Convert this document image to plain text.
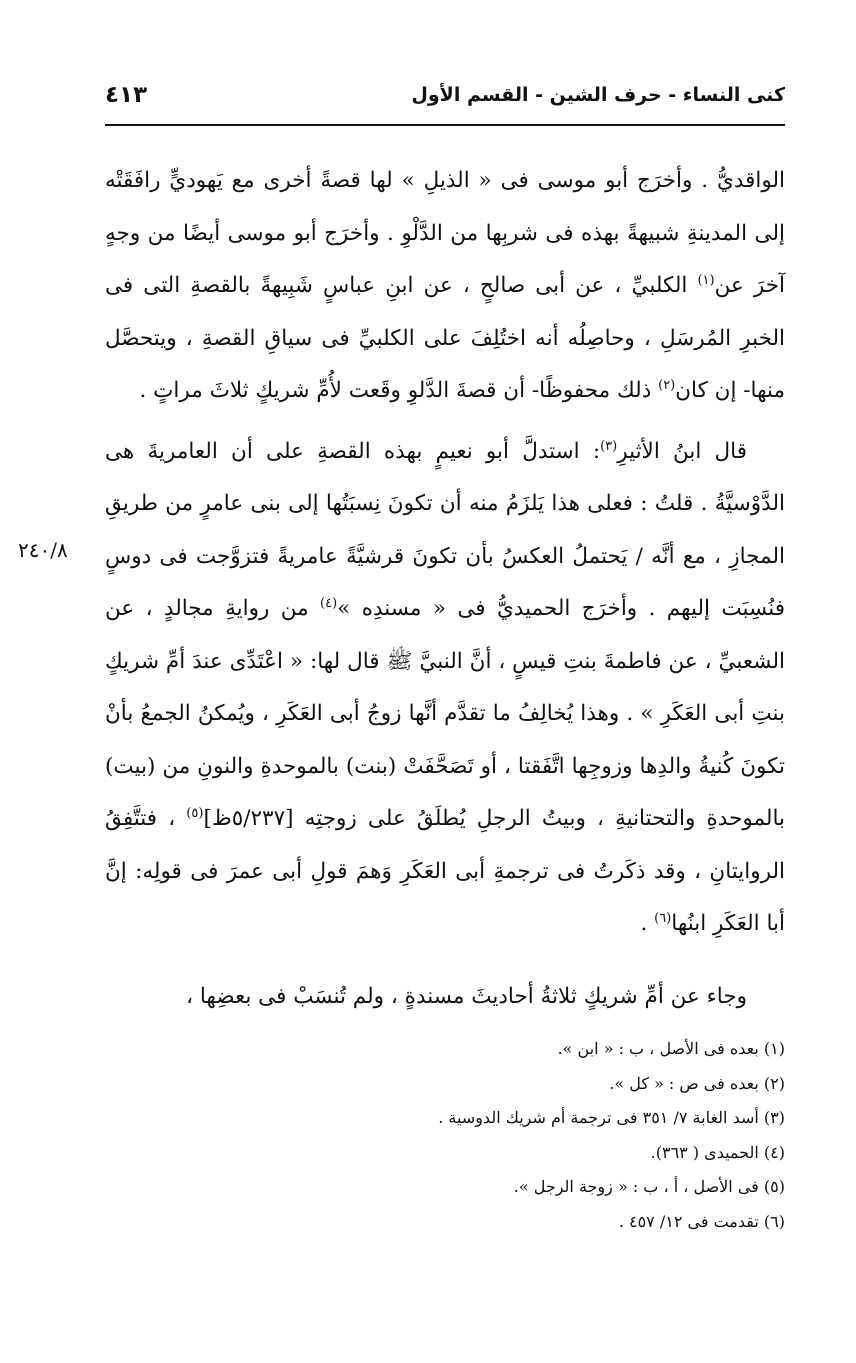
كنى النساء - حرف الشين - القسم الأول
٤١٣
٢٤٠/٨

الواقديُّ . وأخرَج أبو موسى فى « الذيلِ » لها قصةً أخرى مع يَهوديٍّ رافَقَتْه إلى المدينةِ شبيهةً بهذه فى شربِها من الدَّلْوِ . وأخرَج أبو موسى أيضًا من وجهٍ آخرَ عن$^{(١)}$ الكلبيِّ ، عن أبى صالحٍ ، عن ابنِ عباسٍ شَبِيهةً بالقصةِ التى فى الخبرِ المُرسَلِ ، وحاصِلُه أنه اختُلِفَ على الكلبيِّ فى سياقِ القصةِ ، ويتحصَّل منها- إن كان$^{(٢)}$ ذلك محفوظًا- أن قصةَ الدَّلوِ وقَعت لأُمِّ شريكٍ ثلاثَ مراتٍ .

قال ابنُ الأثيرِ$^{(٣)}$: استدلَّ أبو نعيمٍ بهذه القصةِ على أن العامريةَ هى الدَّوْسيَّةُ . قلتُ : فعلى هذا يَلزَمُ منه أن تكونَ نِسبَتُها إلى بنى عامرٍ من طريقِ المجازِ ، مع أنَّه / يَحتملُ العكسُ بأن تكونَ قرشيَّةً عامريةً فتزوَّجت فى دوسٍ فنُسِبَت إليهم . وأخرَج الحميديُّ فى « مسندِه »$^{(٤)}$ من روايةِ مجالدٍ ، عن الشعبيِّ ، عن فاطمةَ بنتِ قيسٍ ، أنَّ النبيَّ ﷺ قال لها: « اعْتَدِّى عندَ أمِّ شريكٍ بنتِ أبى العَكَرِ » . وهذا يُخالِفُ ما تقدَّم أنَّها زوجُ أبى العَكَرِ ، ويُمكنُ الجمعُ بأنْ تكونَ كُنيةُ والدِها وزوجِها اتَّفَقتا ، أو تَصَحَّفَتْ (بنت) بالموحدةِ والنونِ من (بيت) بالموحدةِ والتحتانيةِ ، وبيتُ الرجلِ يُطلَقُ على زوجتِه [٥/٢٣٧ظ]$^{(٥)}$ ، فتتَّفِقُ الروايتانِ ، وقد ذكَرتُ فى ترجمةِ أبى العَكَرِ وَهمَ قولِ أبى عمرَ فى قولِه: إنَّ أبا العَكَرِ ابنُها$^{(٦)}$ .

وجاء عن أمِّ شريكٍ ثلاثةُ أحاديثَ مسندةٍ ، ولم تُنسَبْ فى بعضِها ،

(١) بعده فى الأصل ، ب : « ابن ».
(٢) بعده فى ص : « كل ».
(٣) أسد الغابة ٧/ ٣٥١ فى ترجمة أم شريك الدوسية .
(٤) الحميدى ( ٣٦٣).
(٥) فى الأصل ، أ ، ب : « زوجة الرجل ».
(٦) تقدمت فى ١٢/ ٤٥٧ .
